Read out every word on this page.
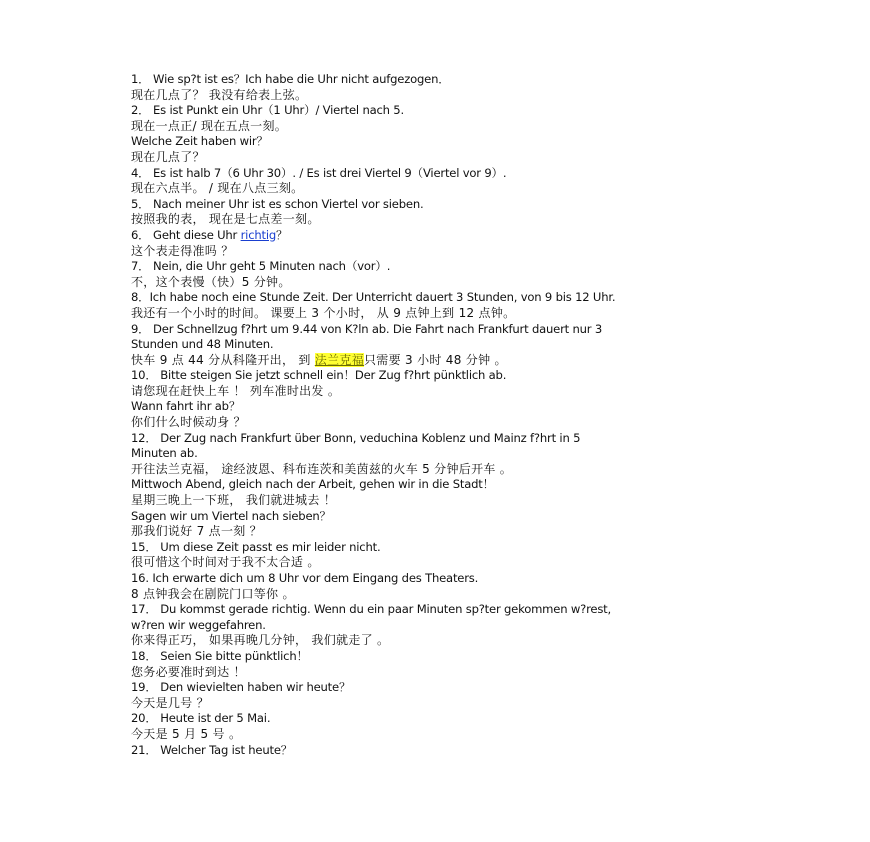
1． Wie sp?t ist es？Ich habe die Uhr nicht aufgezogen．
现在几点了？ 我没有给表上弦。
2． Es ist Punkt ein Uhr（1 Uhr）/ Viertel nach 5.
现在一点正/ 现在五点一刻。
Welche Zeit haben wir？
现在几点了？
4． Es ist halb 7（6 Uhr 30）. / Es ist drei Viertel 9（Viertel vor 9）.
现在六点半。 / 现在八点三刻。
5． Nach meiner Uhr ist es schon Viertel vor sieben.
按照我的表， 现在是七点差一刻。
6． Geht diese Uhr richtig？
这个表走得准吗 ？
7． Nein, die Uhr geht 5 Minuten nach（vor）.
不，这个表慢（快）5 分钟。
8．Ich habe noch eine Stunde Zeit. Der Unterricht dauert 3 Stunden, von 9 bis 12 Uhr.
我还有一个小时的时间。 课要上 3 个小时， 从 9 点钟上到 12 点钟。
9． Der Schnellzug f?hrt um 9.44 von K?ln ab. Die Fahrt nach Frankfurt dauert nur 3
Stunden und 48 Minuten.
快车 9 点 44 分从科隆开出， 到 法兰克福只需要 3 小时 48 分钟 。
10． Bitte steigen Sie jetzt schnell ein！Der Zug f?hrt pünktlich ab.
请您现在赶快上车 ！ 列车准时出发 。
Wann fahrt ihr ab？
你们什么时候动身 ？
12． Der Zug nach Frankfurt über Bonn, veduchina Koblenz und Mainz f?hrt in 5
Minuten ab.
开往法兰克福， 途经波恩、科布连茨和美茵兹的火车 5 分钟后开车 。
Mittwoch Abend, gleich nach der Arbeit, gehen wir in die Stadt！
星期三晚上一下班， 我们就进城去 ！
Sagen wir um Viertel nach sieben？
那我们说好 7 点一刻 ？
15． Um diese Zeit passt es mir leider nicht.
很可惜这个时间对于我不太合适 。
16. Ich erwarte dich um 8 Uhr vor dem Eingang des Theaters.
8 点钟我会在剧院门口等你 。
17． Du kommst gerade richtig. Wenn du ein paar Minuten sp?ter gekommen w?rest,
w?ren wir weggefahren.
你来得正巧， 如果再晚几分钟， 我们就走了 。
18． Seien Sie bitte pünktlich！
您务必要准时到达 ！
19． Den wievielten haben wir heute？
今天是几号 ？
20． Heute ist der 5 Mai.
今天是 5 月 5 号 。
21． Welcher Tag ist heute？
